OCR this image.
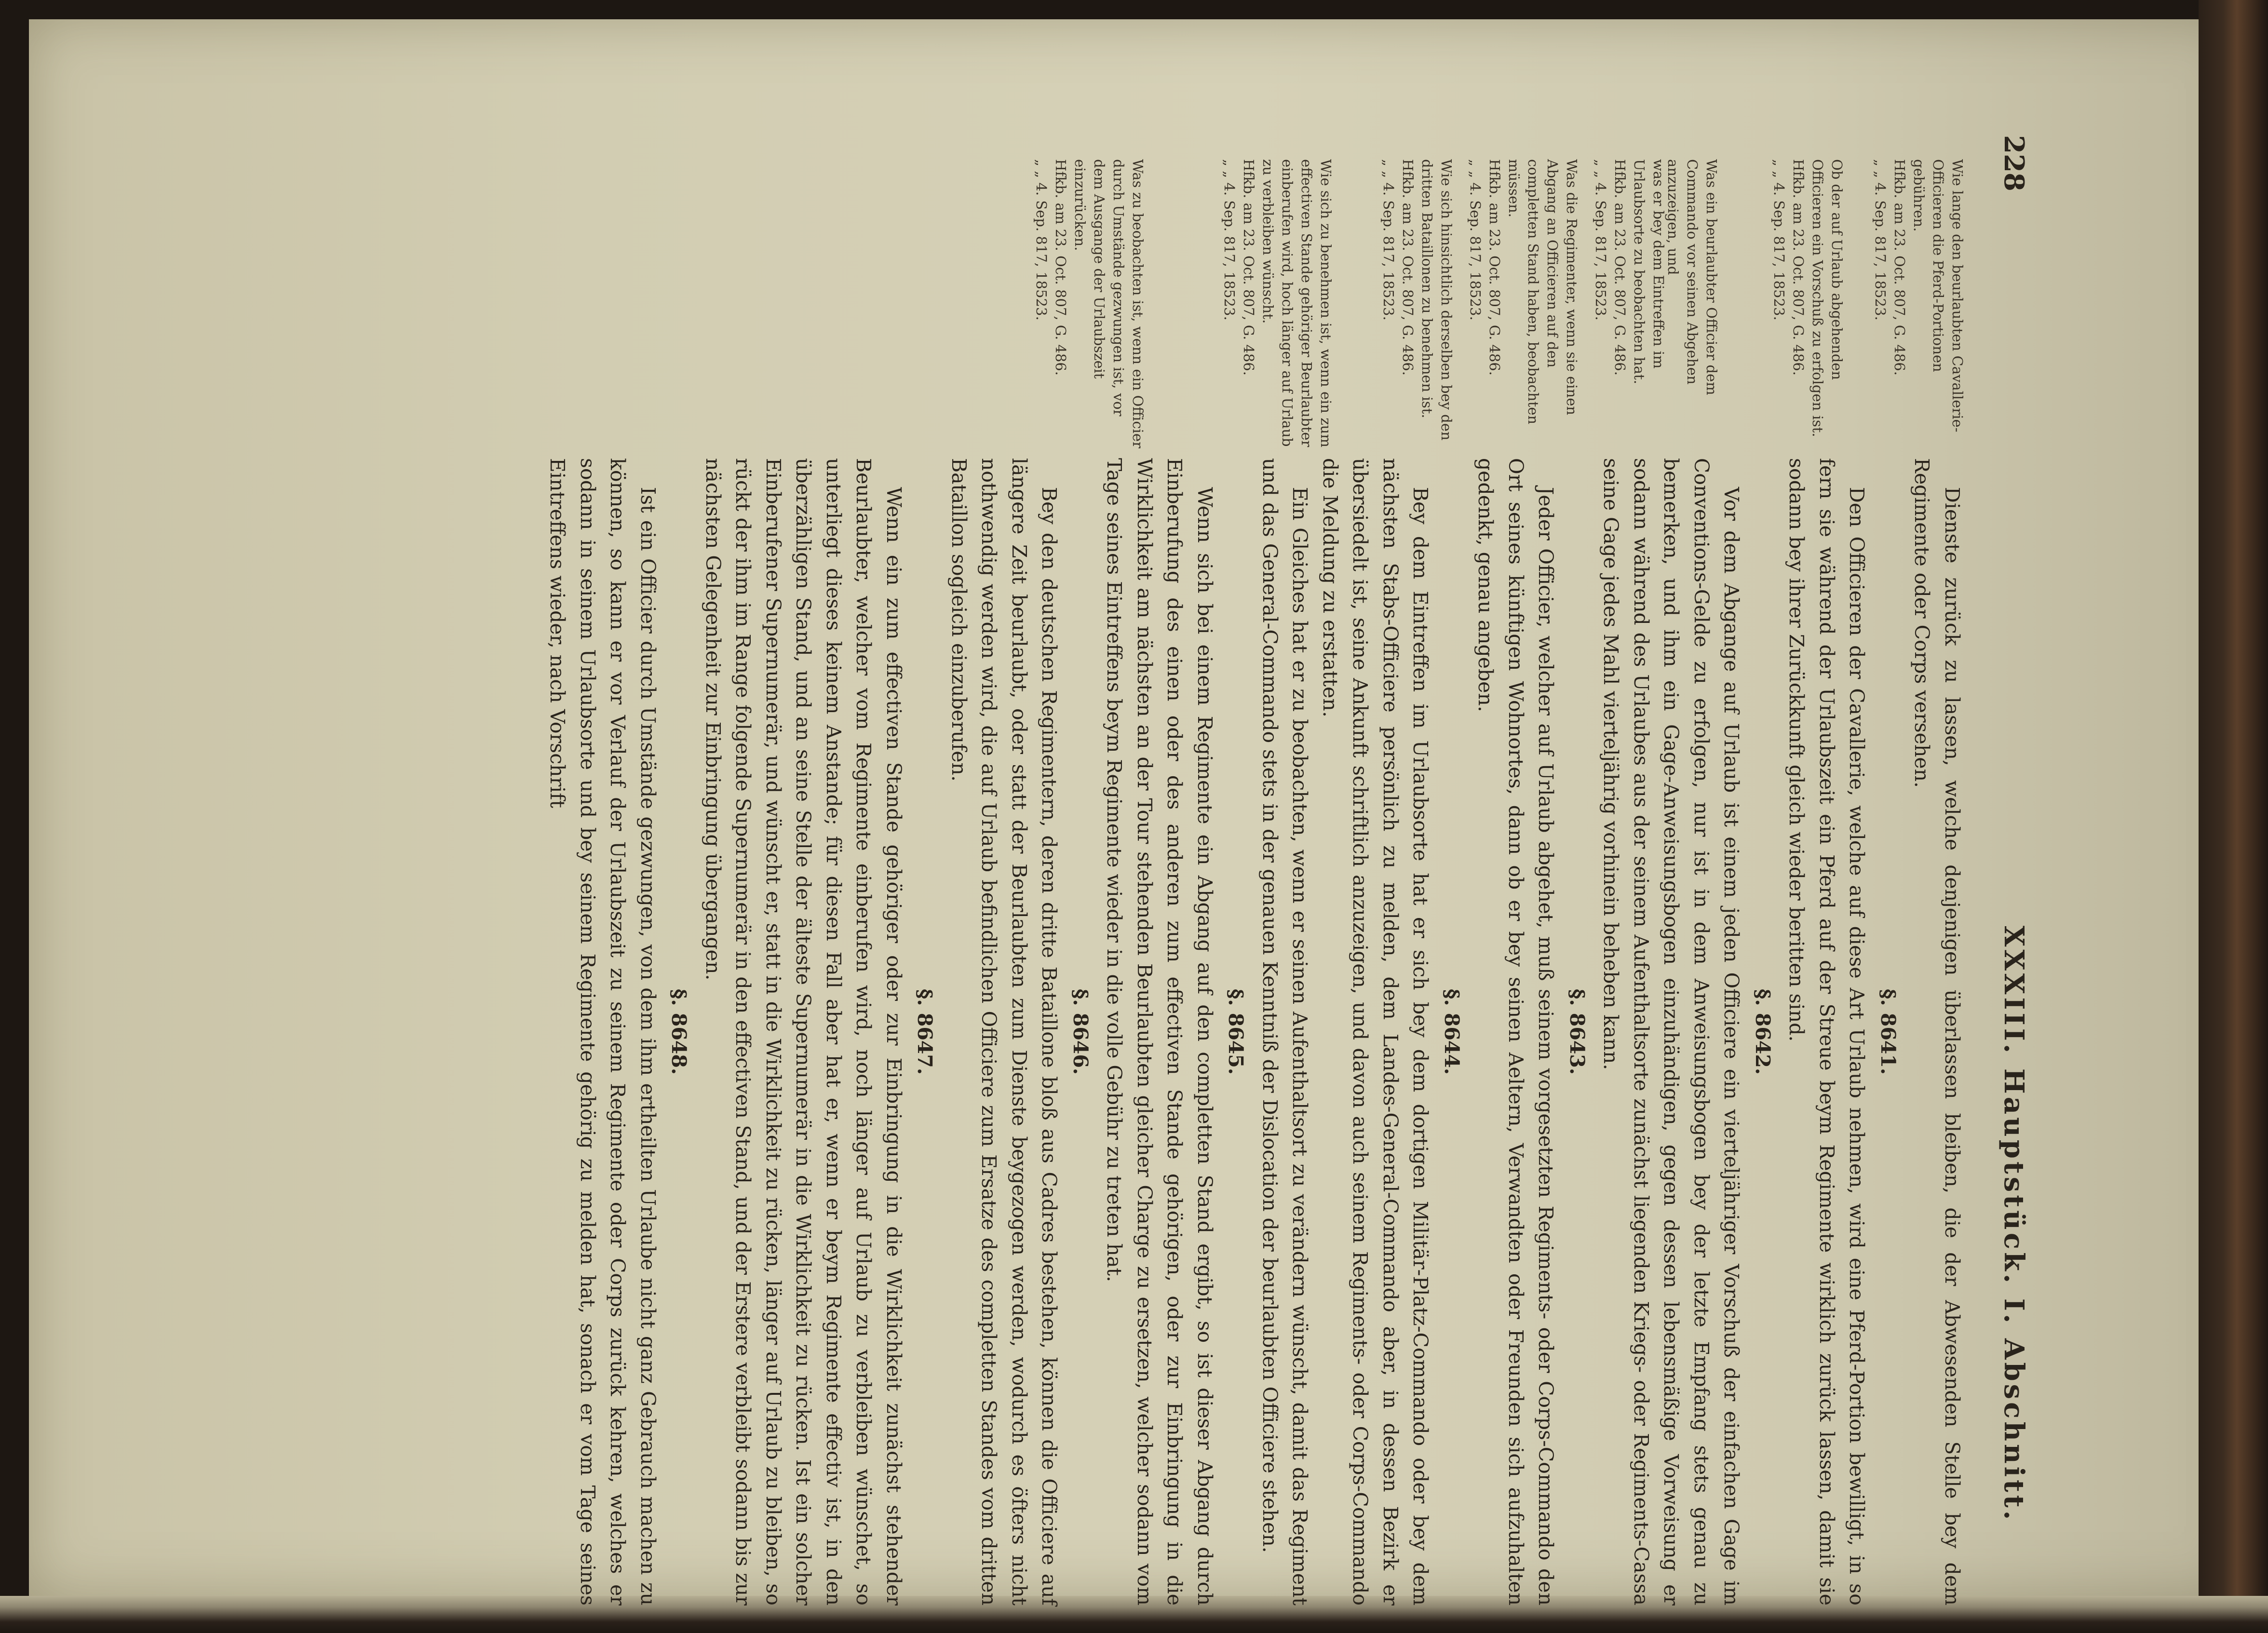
228
XXXIII. Hauptstück. I. Abschnitt.
Wie lange den beurlaubten Cavallerie-Officieren die Pferd-Portionen gebühren.
Hfkb. am 23. Oct. 807, G. 486.
„ „ 4. Sep. 817, 18523.
Ob der auf Urlaub abgehenden Officieren ein Vorschuß zu erfolgen ist.
Hfkb. am 23. Oct. 807, G. 486.
„ „ 4. Sep. 817, 18523.
Was ein beurlaubter Officier dem Commando vor seinen Abgehen anzuzeigen, und
was er bey dem Eintreffen im Urlaubsorte zu beobachten hat.
Hfkb. am 23. Oct. 807, G. 486.
„ „ 4. Sep. 817, 18523.
Was die Regimenter, wenn sie einen Abgang an Officieren auf den completten Stand haben, beobachten müssen.
Hfkb. am 23. Oct. 807, G. 486.
„ „ 4. Sep. 817, 18523.
Wie sich hinsichtlich derselben bey den dritten Bataillonen zu benehmen ist.
Hfkb. am 23. Oct. 807, G. 486.
„ „ 4. Sep. 817, 18523.
Wie sich zu benehmen ist, wenn ein zum effectiven Stande gehöriger Beurlaubter einberufen wird, hoch länger auf Urlaub zu verbleiben wünscht.
Hfkb. am 23. Oct. 807, G. 486.
„ „ 4. Sep. 817, 18523.
Was zu beobachten ist, wenn ein Officier durch Umstände gezwungen ist, vor dem Ausgange der Urlaubszeit einzurücken.
Hfkb. am 23. Oct. 807, G. 486.
„ „ 4. Sep. 817, 18523.

Dienste zurück zu lassen, welche denjenigen überlassen bleiben, die der Abwesenden Stelle bey dem Regimente oder Corps versehen.

§. 8641.

Den Officieren der Cavallerie, welche auf diese Art Urlaub nehmen, wird eine Pferd-Portion bewilligt, in so fern sie während der Urlaubszeit ein Pferd auf der Streue beym Regimente wirklich zurück lassen, damit sie sodann bey ihrer Zurückkunft gleich wieder beritten sind.

§. 8642.

Vor dem Abgange auf Urlaub ist einem jeden Officiere ein vierteljähriger Vorschuß der einfachen Gage im Conventions-Gelde zu erfolgen, nur ist in dem Anweisungsbogen bey der letzte Empfang stets genau zu bemerken, und ihm ein Gage-Anweisungsbogen einzuhändigen, gegen dessen lebensmäßige Vorweisung er sodann während des Urlaubes aus der seinem Aufenthaltsorte zunächst liegenden Kriegs- oder Regiments-Cassa seine Gage jedes Mahl vierteljährig vorhinein beheben kann.

§. 8643.

Jeder Officier, welcher auf Urlaub abgehet, muß seinem vorgesetzten Regiments- oder Corps-Commando den Ort seines künftigen Wohnortes, dann ob er bey seinen Aeltern, Verwandten oder Freunden sich aufzuhalten gedenkt, genau angeben.

§. 8644.

Bey dem Eintreffen im Urlaubsorte hat er sich bey dem dortigen Militär-Platz-Commando oder bey dem nächsten Stabs-Officiere persönlich zu melden, dem Landes-General-Commando aber, in dessen Bezirk er übersiedelt ist, seine Ankunft schriftlich anzuzeigen, und davon auch seinem Regiments- oder Corps-Commando die Meldung zu erstatten.

Ein Gleiches hat er zu beobachten, wenn er seinen Aufenthaltsort zu verändern wünscht, damit das Regiment und das General-Commando stets in der genauen Kenntniß der Dislocation der beurlaubten Officiere stehen.

§. 8645.

Wenn sich bei einem Regimente ein Abgang auf den completten Stand ergibt, so ist dieser Abgang durch Einberufung des einen oder des anderen zum effectiven Stande gehörigen, oder zur Einbringung in die Wirklichkeit am nächsten an der Tour stehenden Beurlaubten gleicher Charge zu ersetzen, welcher sodann vom Tage seines Eintreffens beym Regimente wieder in die volle Gebühr zu treten hat.

§. 8646.

Bey den deutschen Regimentern, deren dritte Bataillone bloß aus Cadres bestehen, können die Officiere auf längere Zeit beurlaubt, oder statt der Beurlaubten zum Dienste beygezogen werden, wodurch es öfters nicht nothwendig werden wird, die auf Urlaub befindlichen Officiere zum Ersatze des completten Standes vom dritten Bataillon sogleich einzuberufen.

§. 8647.

Wenn ein zum effectiven Stande gehöriger oder zur Einbringung in die Wirklichkeit zunächst stehender Beurlaubter, welcher vom Regimente einberufen wird, noch länger auf Urlaub zu verbleiben wünschet, so unterliegt dieses keinem Anstande; für diesen Fall aber hat er, wenn er beym Regimente effectiv ist, in den überzähligen Stand, und an seine Stelle der älteste Supernumerär in die Wirklichkeit zu rücken. Ist ein solcher Einberufener Supernumerär, und wünscht er, statt in die Wirklichkeit zu rücken, länger auf Urlaub zu bleiben, so rückt der ihm im Range folgende Supernumerär in den effectiven Stand, und der Erstere verbleibt sodann bis zur nächsten Gelegenheit zur Einbringung übergangen.

§. 8648.

Ist ein Officier durch Umstände gezwungen, von dem ihm ertheilten Urlaube nicht ganz Gebrauch machen zu können, so kann er vor Verlauf der Urlaubszeit zu seinem Regimente oder Corps zurück kehren, welches er sodann in seinem Urlaubsorte und bey seinem Regimente gehörig zu melden hat, sonach er vom Tage seines Eintreffens wieder, nach Vorschrift
